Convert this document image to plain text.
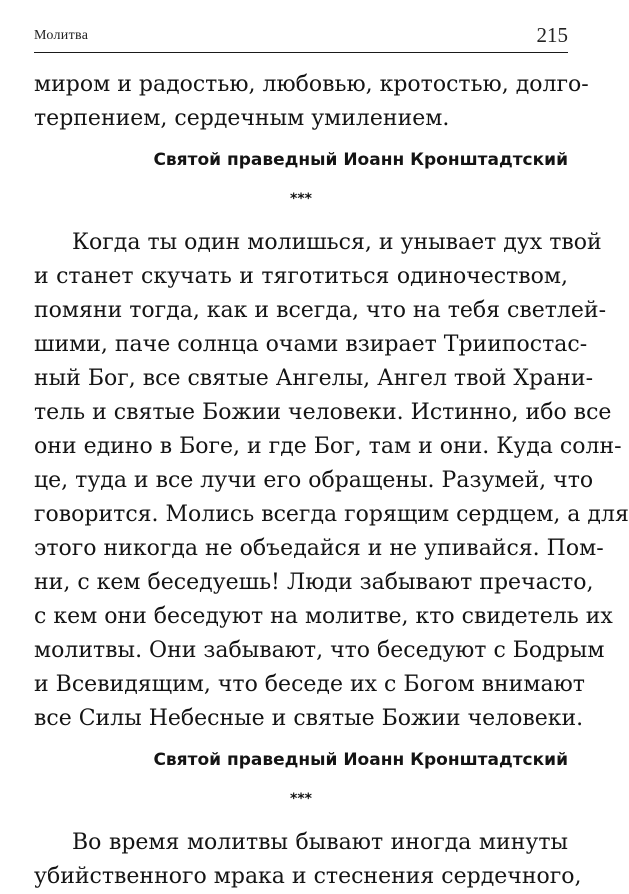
Молитва	215
миром и радостью, любовью, кротостью, долго-
терпением, сердечным умилением.
Святой праведный Иоанн Кронштадтский
***
Когда ты один молишься, и унывает дух твой
и станет скучать и тяготиться одиночеством,
помяни тогда, как и всегда, что на тебя светлей-
шими, паче солнца очами взирает Триипостас-
ный Бог, все святые Ангелы, Ангел твой Храни-
тель и святые Божии человеки. Истинно, ибо все
они едино в Боге, и где Бог, там и они. Куда солн-
це, туда и все лучи его обращены. Разумей, что
говорится. Молись всегда горящим сердцем, а для
этого никогда не объедайся и не упивайся. Пом-
ни, с кем беседуешь! Люди забывают пречасто,
с кем они беседуют на молитве, кто свидетель их
молитвы. Они забывают, что беседуют с Бодрым
и Всевидящим, что беседе их с Богом внимают
все Силы Небесные и святые Божии человеки.
Святой праведный Иоанн Кронштадтский
***
Во время молитвы бывают иногда минуты
убийственного мрака и стеснения сердечного,
